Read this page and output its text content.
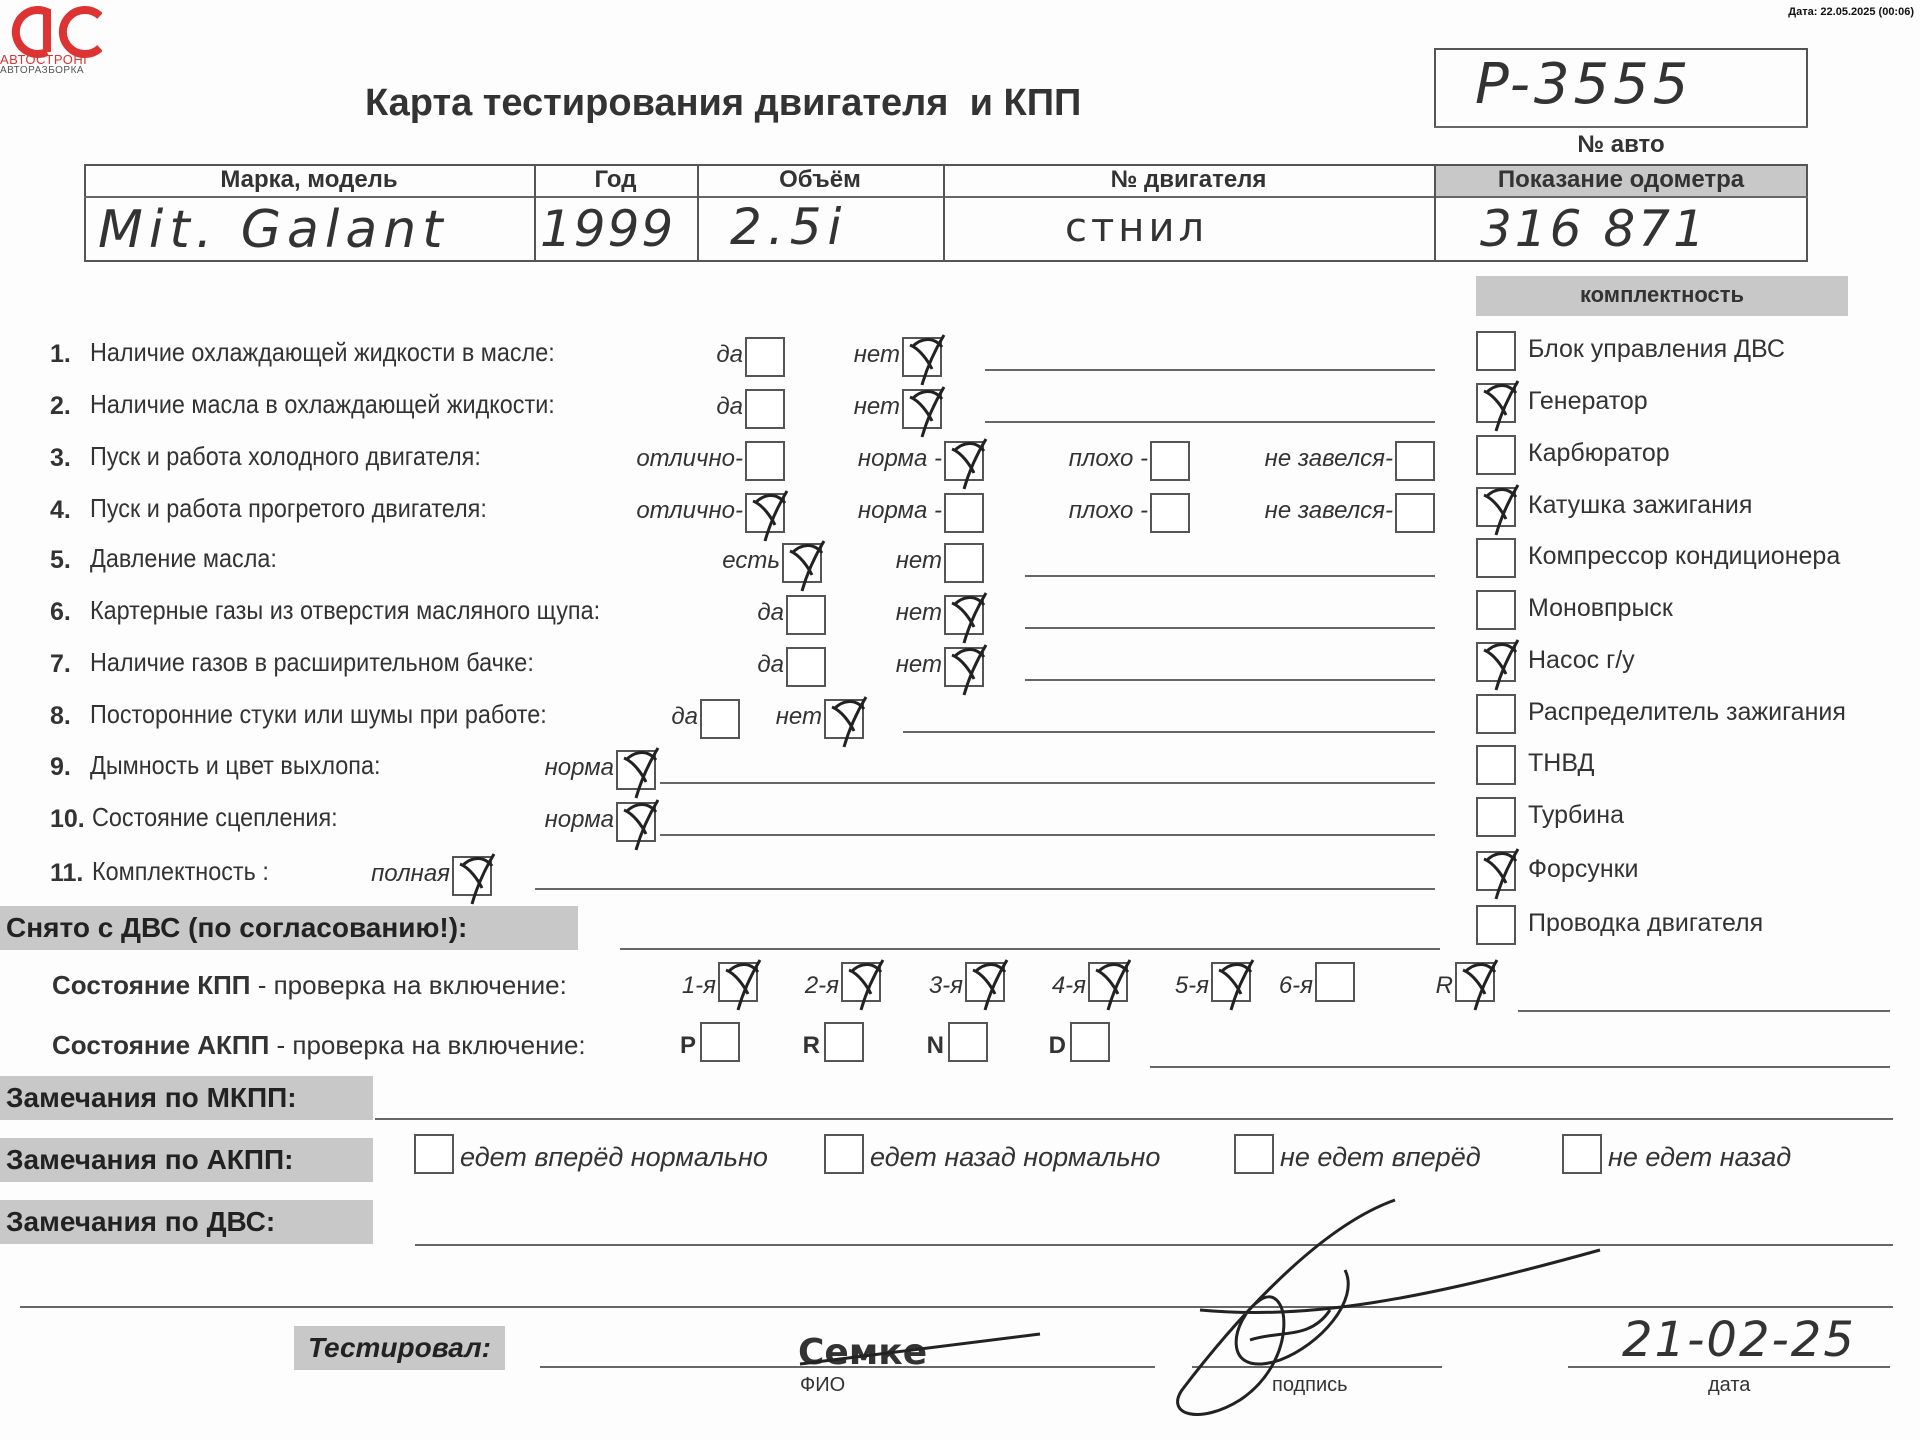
АВТОСТРОНГ
АВТОРАЗБОРКА
Дата: 22.05.2025 (00:06)
Карта тестирования двигателя  и КПП	P-3555
№ авто
Марка, модель	Год	Объём	№ двигателя	Показание одометра
Mit. Galant 1999 2.5i	стнил	316 871
комплектность
1. Наличие охлаждающей жидкости в масле:	да	нет
2. Наличие масла в охлаждающей жидкости:	да	нет
3. Пуск и работа холодного двигателя:	отлично-	норма -	плохо -	не завелся-
4. Пуск и работа прогретого двигателя:	отлично-	норма -	плохо -	не завелся-
5. Давление масла:	есть	нет
6. Картерные газы из отверстия масляного щупа:	да	нет
7. Наличие газов в расширительном бачке:	да	нет
8. Посторонние стуки или шумы при работе:	да	нет
9. Дымность и цвет выхлопа:	норма
10. Состояние сцепления:	норма
11. Комплектность :	полная
Блок управления ДВС
Генератор
Карбюратор
Катушка зажигания
Компрессор кондиционера
Моновпрыск
Насос г/у
Распределитель зажигания
ТНВД
Турбина
Форсунки
Проводка двигателя
Снято с ДВС (по согласованию!):
Состояние КПП - проверка на включение:	1-я	2-я	3-я	4-я	5-я	6-я	R
Состояние АКПП - проверка на включение:	P	R	N	D
Замечания по МКПП:
Замечания по АКПП:	едет вперёд нормально	едет назад нормально	не едет вперёд	не едет назад
Замечания по ДВС:
Тестировал:	Семке
ФИО	подпись	дата
21-02-25
